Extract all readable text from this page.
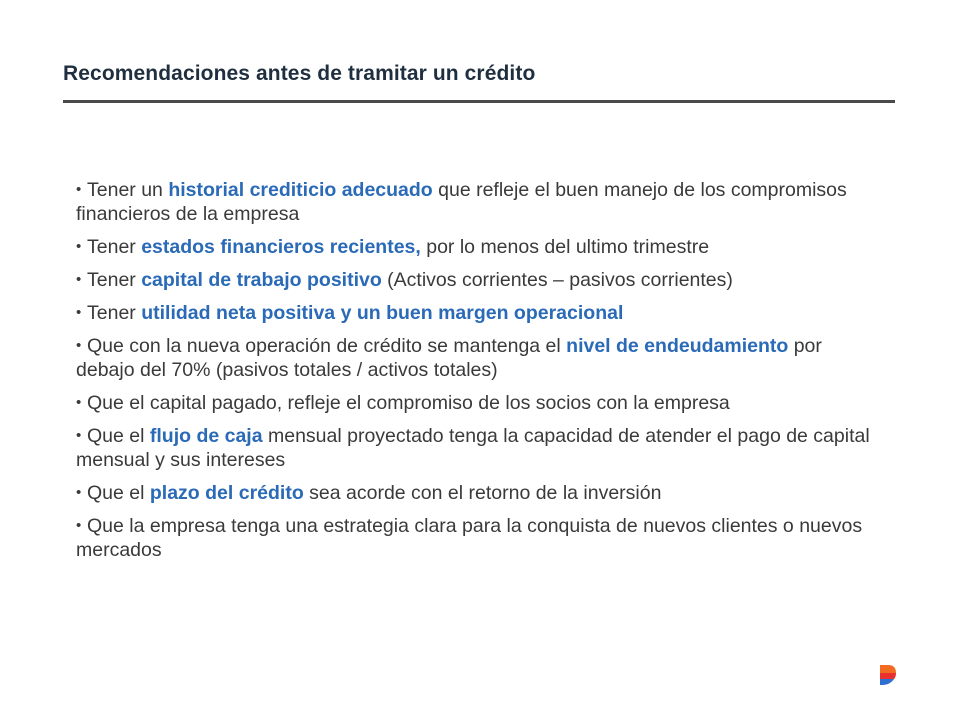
Recomendaciones antes de tramitar un crédito
• Tener un historial crediticio adecuado que refleje el buen manejo de los compromisos financieros de la empresa
• Tener estados financieros recientes, por lo menos del ultimo trimestre
• Tener capital de trabajo positivo (Activos corrientes – pasivos corrientes)
• Tener utilidad neta positiva y un buen margen operacional
• Que con la nueva operación de crédito se mantenga el nivel de endeudamiento por debajo del 70% (pasivos totales / activos totales)
• Que el capital pagado, refleje el compromiso de los socios con la empresa
• Que el flujo de caja mensual proyectado tenga la capacidad de atender el pago de capital mensual y sus intereses
• Que el plazo del crédito sea acorde con el retorno de la inversión
• Que la empresa tenga una estrategia clara para la conquista de nuevos clientes o nuevos mercados
